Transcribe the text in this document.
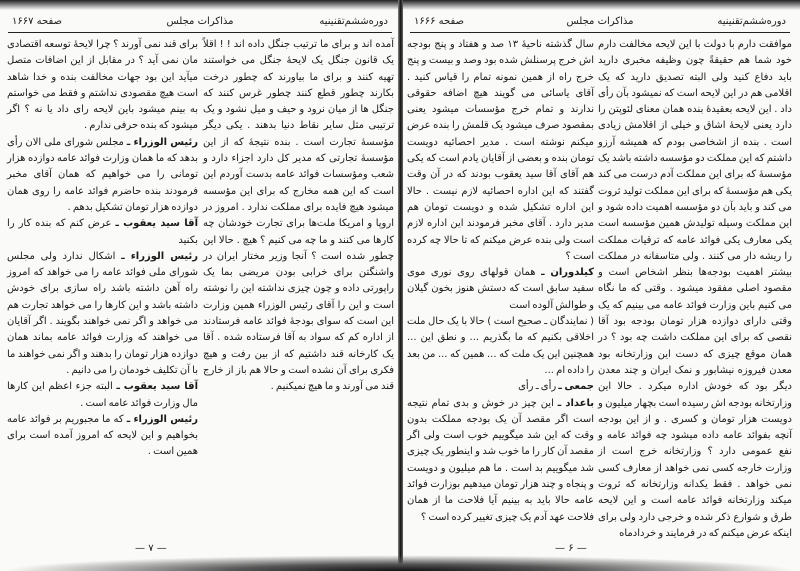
دوره‌ششم‌تقنینیه
مذاکرات مجلس
صفحه ۱۶۶۷

آمده اند و برای ما ترتیب جنگل داده اند ! ! اقلاً یک قانون جنگل یک لایحهٔ جنگل می خواستند تهیه کنند و برای ما بیاورند که چطور درخت بکارند چطور قطع کنند چطور غرس کنند که جنگل ها از میان نرود و حیف و میل نشود و یک ترتیبی مثل سایر نقاط دنیا بدهند . یکی دیگر مؤسسهٔ تجارت است . بنده نتیجهٔ که از این مؤسسهٔ تجارتی که مدیر کل دارد اجزاء دارد و شعب ومؤسسات فوائد عامه بدست آوردم این است که این همه مخارج که برای این مؤسسه میشود هیچ فایده برای مملکت ندارد . امروز در اروپا و امریکا ملت‌ها برای تجارت خودشان چه کارها می کنند و ما چه می کنیم ؟ هیچ . حالا این چطور شده است ؟ آنجا وزیر مختار ایران در واشنگتن برای خرابی بودن مریضی بما یک راپورتی داده و چون چیزی نداشته این را نوشته است و این را آقای رئیس الوزراء همین وزارت این است که سوای بودجهٔ فوائد عامه فرستادند از اداره کم که سواد به آقا فرستاده شده . آقا یک کارخانه قند داشتیم که از بین رفت و هیچ فکری برای آن نشده است و حالا هم باز از خارج قند می آورند و ما هیچ نمیکنیم .

برای قند نمی آورند ؟ چرا لایحهٔ توسعه اقتصادی مان نمی آید ؟ در مقابل از این اضافات متصل میآید این بود جهات مخالفت بنده و خدا شاهد است هیچ مقصودی نداشتم و فقط می خواستم به بینم میشود باین لایحه رای داد یا نه ؟ اگر میشود که بنده حرفی ندارم .

رئیس الوزراء ـ مجلس شورای ملی الان رأی بدهد که ما همان وزارت فوائد عامه دوازده هزار تومانی را می خواهیم که همان آقای مخبر فرمودند بنده حاضرم فوائد عامه را روی همان دوازده هزار تومان تشکیل بدهم .

آقا سید یعقوب ـ عرض کنم که بنده کار را بکنید

رئیس الوزراء ـ اشکال ندارد ولی مجلس شورای ملی فوائد عامه را می خواهد که امروز راه آهن داشته باشد راه سازی برای خودش داشته باشد و این کارها را می خواهد تجارت هم می خواهد و اگر نمی خواهند بگویند . اگر آقایان می خواهند که وزارت فوائد عامه بماند همان دوازده هزار تومان را بدهند و اگر نمی خواهند ما با آن تکلیف خودمان را می دانیم .

آقا سید یعقوب ـ البته جزء اعظم این کارها مال وزارت فوائد عامه است .

رئیس الوزراء ـ که ما مجبوریم بر فوائد عامه بخواهیم و این لایحه که امروز آمده است برای همین است .

— ۷ —
دوره‌ششم‌تقنینیه
مذاکرات مجلس
صفحه ۱۶۶۶

موافقت دارم با دولت با این لایحه مخالفت دارم خود شما هم حقیقةً چون وظیفه مخبری دارید باید دفاع کنید ولی البته تصدیق دارید که یک اقلامی هم در این لایحه است که نمیشود بآن رأی داد . این لایحه بعقیدهٔ بنده همان معنای لئوپتن را دارد یعنی لایحهٔ اشاق و خیلی از اقلامش زیادی است . بنده از اشخاصی بودم که همیشه آرزو داشتم که این مملکت دو مؤسسه داشته باشد یک مؤسسهٔ که برای این مملکت آدم درست می کند یکی هم مؤسسهٔ که برای این مملکت تولید ثروت می کند و باید بآن دو مؤسسه اهمیت داده شود و این مملکت وسیله تولیدش همین مؤسسه است یکی معارف یکی فوائد عامه که ترقیات مملکت را ریشه دار می کنند . ولی متاسفانه در مملکت بیشتر اهمیت بودجه‌ها بنظر اشخاص است و مقصود اصلی مفقود میشود . وقتی که ما نگاه می کنیم باین وزارت فوائد عامه می بینیم که یک وقتی دارای دوازده هزار تومان بودجه بود آقا نقصی که برای این مملکت داشت چه بود ؟ در همان موقع چیزی که دست این وزارتخانه بود معدن فیروزه نیشابور و نمک ایران و چند معدن دیگر بود که خودش اداره میکرد . حالا این وزارتخانه بودجه اش رسیده است بچهار میلیون و دویست هزار تومان و کسری . و از این بودجه آنچه بفوائد عامه داده میشود چه فوائد عامه و نفع عمومی دارد ؟ وزارتخانه خرج است از وزارت خارجه کسی نمی خواهد از معارف کسی نمی خواهد . فقط یکدانه وزارتخانه که ثروت میکند وزارتخانه فوائد عامه است و این لایحه طرق و شوارع ذکر شده و خرجی دارد ولی برای اینکه عرض میکنم که در فرمایند و خردادماه

سال گذشته ناحیهٔ ۱۳ صد و هفتاد و پنج بودجه اش خرج پرسنلش شده بود وصد و بیست و پنج خرج راه از همین نمونه تمام را قیاس کنید . آقای یاسائی می گویند هیچ اضافه حقوقی ندارند و تمام خرج مؤسسات میشود یعنی بمقصود صرف میشود یک قلمش را بنده عرض میکنم نوشته است . مدیر احصائیه دویست تومان بنده و بعضی از آقایان یادم است که یکی هم آقای آقا سید یعقوب بودند که در آن وقت گفتند که این اداره احصائیه لازم نیست . حالا این اداره تشکیل شده و دویست تومان هم مدیر دارد . آقای مخبر فرمودند این اداره لازم است ولی بنده عرض میکنم که تا حالا چه کرده است ؟

کیلدوران ـ همان قولهای روی نوری موی سفید سابق است که دستش هنوز بخون گیلان و طوالش آلوده است

( نمایندگان ـ صحیح است ) حالا با یک حال ملت اخلاقی بکنیم که ما بگذریم ... و نطق این ... همچنین این یک ملت که ... همین که ... من بعد را داده ام ...

جمعی ـ رأی ـ رأی

باعداد ـ این چیز در خوش و بدی تمام نتیجه است اگر مقصد آن یک بودجه مملکت بدون وقت که این شد میگوییم خوب است ولی اگر مقصد آن کار را ما خوب شد و اینطور یک چیزی شد میگوییم بد است . ما هم میلیون و دویست و پنجاه و چند هزار تومان میدهیم بوزارت فوائد عامه حالا باید به بینیم آیا فلاحت ما از همان فلاحت عهد آدم یک چیزی تغییر کرده است ؟

— ۶ —
